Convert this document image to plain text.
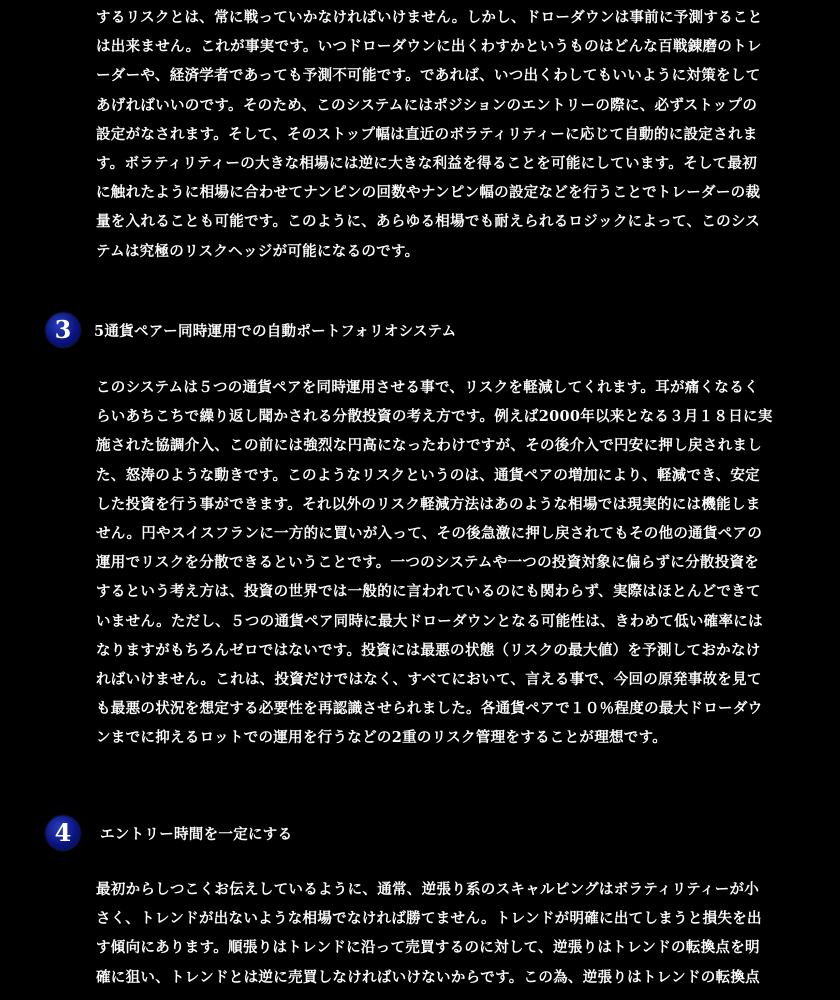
するリスクとは、常に戦っていかなければいけません。しかし、ドローダウンは事前に予測すること
は出来ません。これが事実です。いつドローダウンに出くわすかというものはどんな百戦錬磨のトレ
ーダーや、経済学者であっても予測不可能です。であれば、いつ出くわしてもいいように対策をして
あげればいいのです。そのため、このシステムにはポジションのエントリーの際に、必ずストップの
設定がなされます。そして、そのストップ幅は直近のボラティリティーに応じて自動的に設定されま
す。ボラティリティーの大きな相場には逆に大きな利益を得ることを可能にしています。そして最初
に触れたように相場に合わせてナンピンの回数やナンピン幅の設定などを行うことでトレーダーの裁
量を入れることも可能です。このように、あらゆる相場でも耐えられるロジックによって、このシス
テムは究極のリスクヘッジが可能になるのです。
3	5通貨ペアー同時運用での自動ポートフォリオシステム
このシステムは５つの通貨ペアを同時運用させる事で、リスクを軽減してくれます。耳が痛くなるく
らいあちこちで繰り返し聞かされる分散投資の考え方です。例えば2000年以来となる３月１８日に実
施された協調介入、この前には強烈な円高になったわけですが、その後介入で円安に押し戻されまし
た、怒涛のような動きです。このようなリスクというのは、通貨ペアの増加により、軽減でき、安定
した投資を行う事ができます。それ以外のリスク軽減方法はあのような相場では現実的には機能しま
せん。円やスイスフランに一方的に買いが入って、その後急激に押し戻されてもその他の通貨ペアの
運用でリスクを分散できるということです。一つのシステムや一つの投資対象に偏らずに分散投資を
するという考え方は、投資の世界では一般的に言われているのにも関わらず、実際はほとんどできて
いません。ただし、５つの通貨ペア同時に最大ドローダウンとなる可能性は、きわめて低い確率には
なりますがもちろんゼロではないです。投資には最悪の状態（リスクの最大値）を予測しておかなけ
ればいけません。これは、投資だけではなく、すべてにおいて、言える事で、今回の原発事故を見て
も最悪の状況を想定する必要性を再認識させられました。各通貨ペアで１０％程度の最大ドローダウ
ンまでに抑えるロットでの運用を行うなどの2重のリスク管理をすることが理想です。
4	エントリー時間を一定にする
最初からしつこくお伝えしているように、通常、逆張り系のスキャルピングはボラティリティーが小
さく、トレンドが出ないような相場でなければ勝てません。トレンドが明確に出てしまうと損失を出
す傾向にあります。順張りはトレンドに沿って売買するのに対して、逆張りはトレンドの転換点を明
確に狙い、トレンドとは逆に売買しなければいけないからです。この為、逆張りはトレンドの転換点
